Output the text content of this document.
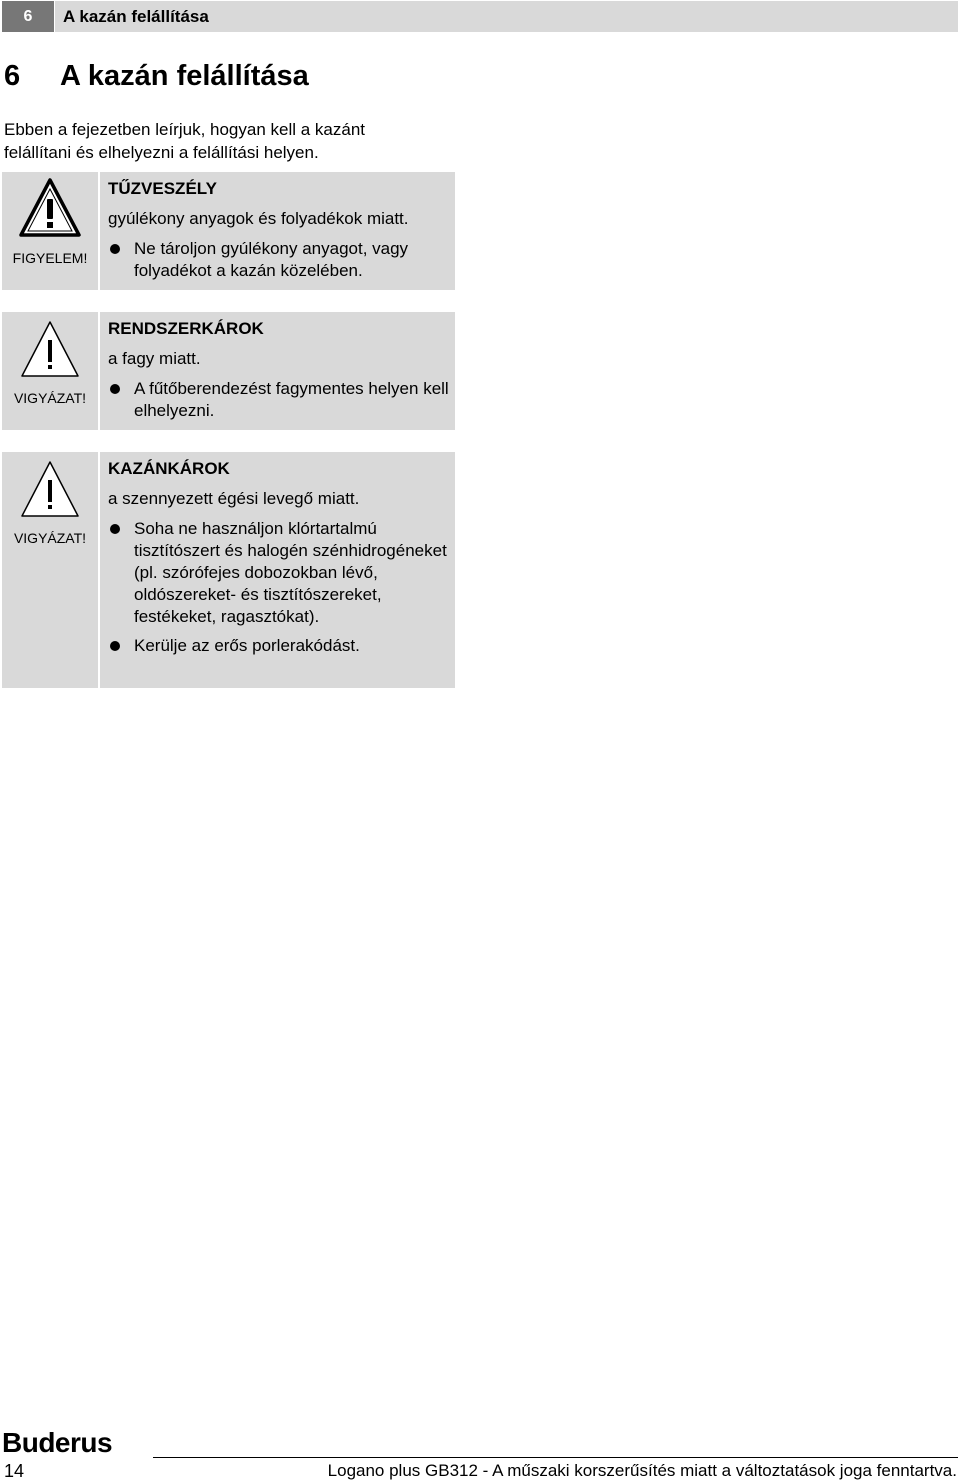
6	A kazán felállítása
6 A kazán felállítása
Ebben a fejezetben leírjuk, hogyan kell a kazánt felállítani és elhelyezni a felállítási helyen.
FIGYELEM!
TŰZVESZÉLY
gyúlékony anyagok és folyadékok miatt.
Ne tároljon gyúlékony anyagot, vagy folyadékot a kazán közelében.
VIGYÁZAT!
RENDSZERKÁROK
a fagy miatt.
A fűtőberendezést fagymentes helyen kell elhelyezni.
VIGYÁZAT!
KAZÁNKÁROK
a szennyezett égési levegő miatt.
Soha ne használjon klórtartalmú tisztítószert és halogén szénhidrogéneket (pl. szórófejes dobozokban lévő, oldószereket- és tisztítószereket, festékeket, ragasztókat).
Kerülje az erős porlerakódást.
Buderus
14	Logano plus GB312 - A műszaki korszerűsítés miatt a változtatások joga fenntartva.
